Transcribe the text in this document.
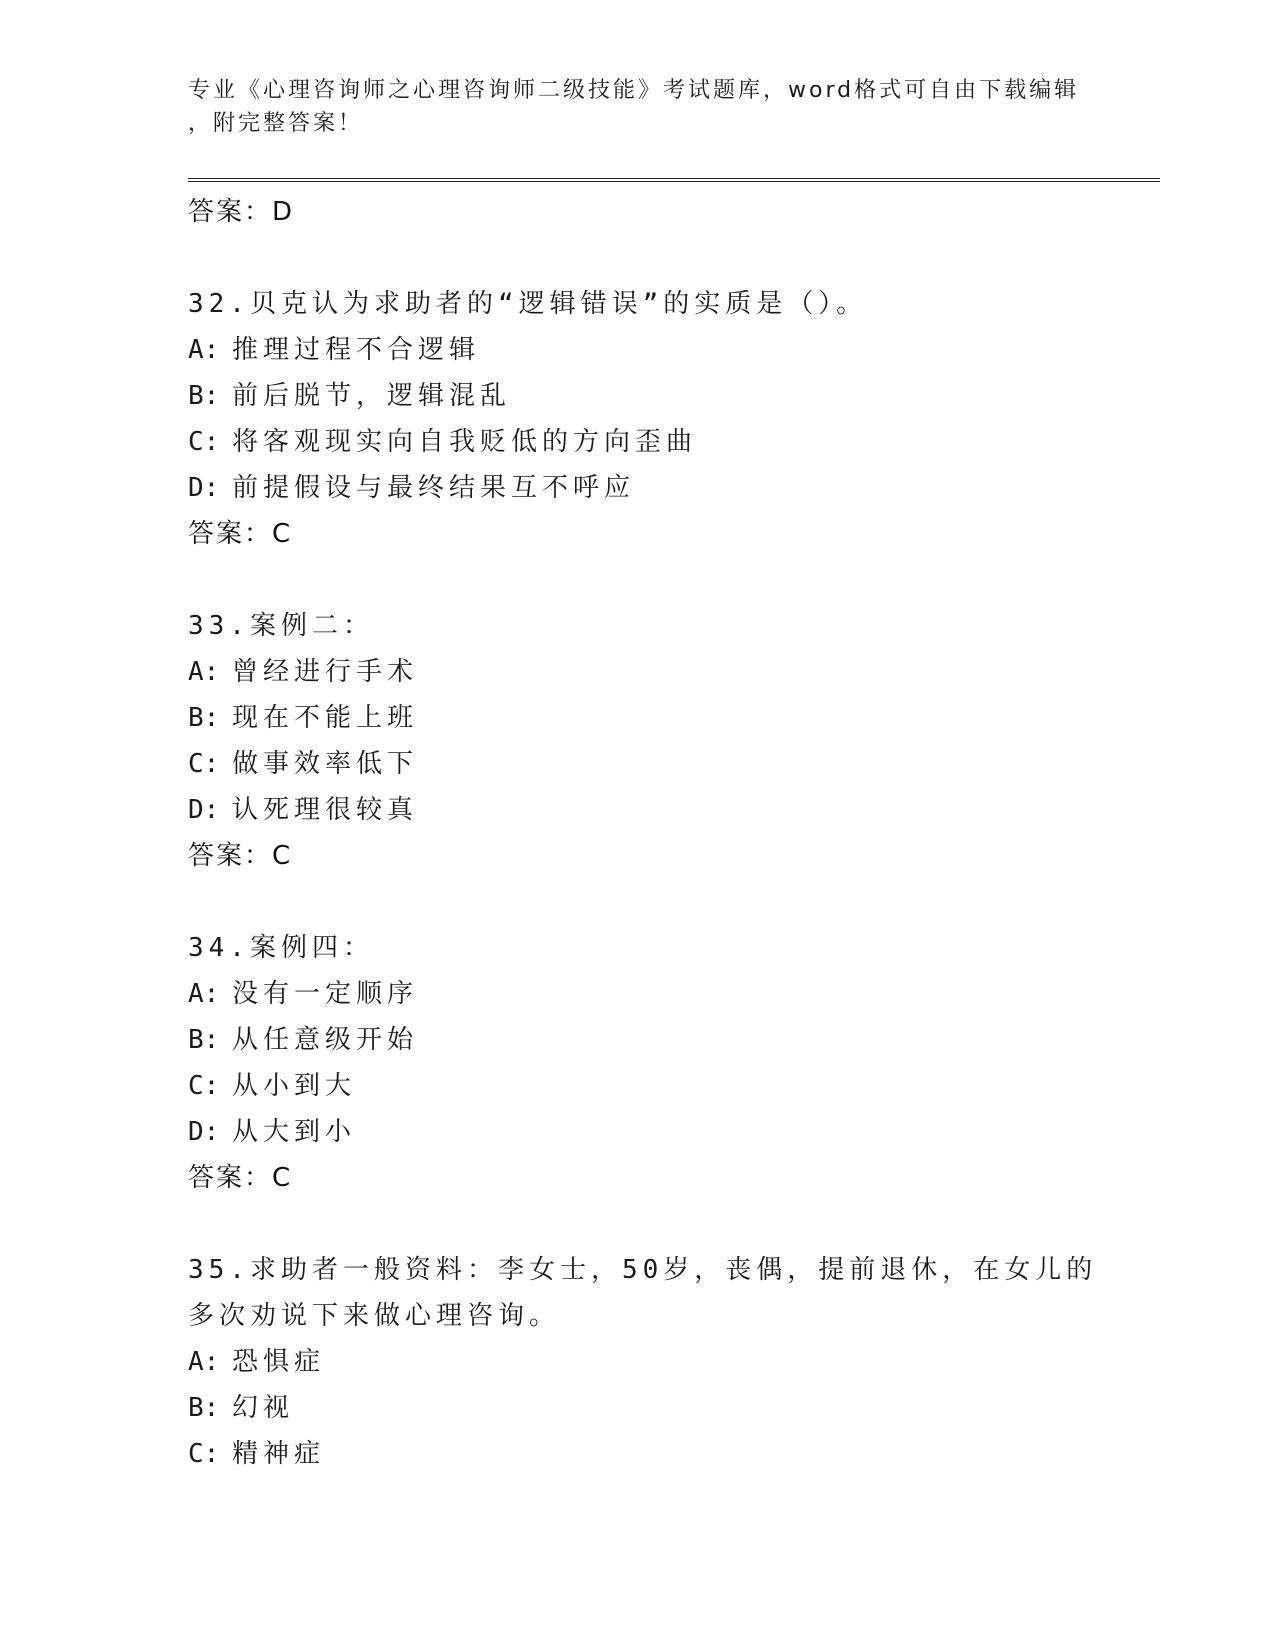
专业《心理咨询师之心理咨询师二级技能》考试题库，word格式可自由下载编辑
，附完整答案！
答案：D
32.贝克认为求助者的“逻辑错误”的实质是（）。
A: 推理过程不合逻辑
B: 前后脱节，逻辑混乱
C: 将客观现实向自我贬低的方向歪曲
D: 前提假设与最终结果互不呼应
答案：C
33.案例二：
A: 曾经进行手术
B: 现在不能上班
C: 做事效率低下
D: 认死理很较真
答案：C
34.案例四：
A: 没有一定顺序
B: 从任意级开始
C: 从小到大
D: 从大到小
答案：C
35.求助者一般资料：李女士，50岁，丧偶，提前退休，在女儿的多次劝说下来做心理咨询。
A: 恐惧症
B: 幻视
C: 精神症
